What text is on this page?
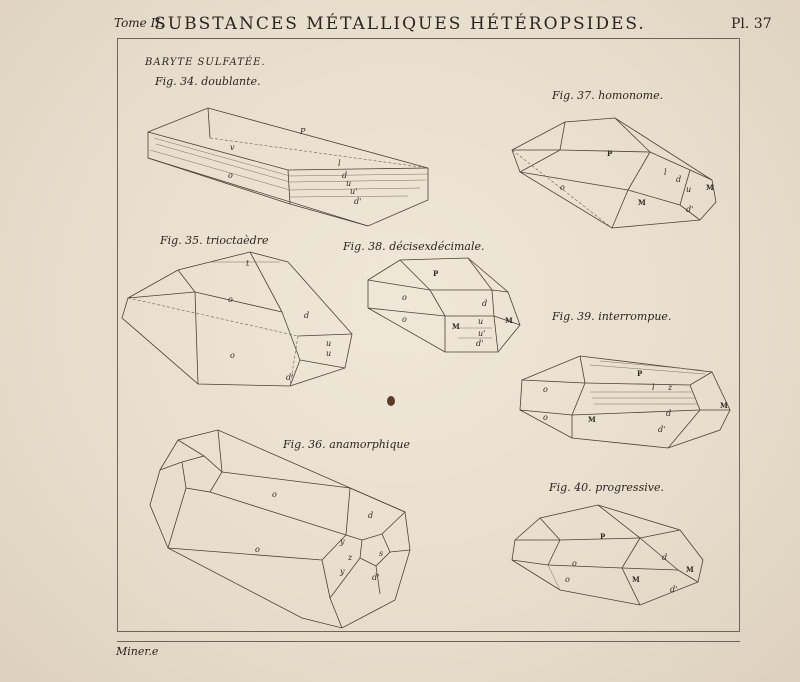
Tome II.
SUBSTANCES MÉTALLIQUES HÉTÉROPSIDES.	Pl. 37
BARYTE SULFATÉE.
Fig. 34. doublante.
Fig. 35. trioctaèdre
Fig. 36. anamorphique
Fig. 37. homonome.
Fig. 38. décisexdécimale.
Fig. 39. interrompue.
Fig. 40. progressive.
P
v
o
l
d
u
u'
d'
t
o
o
d
u
u
d'
o
o
d
y
y
z	s
d'
P
o
M
M
l
d
u
d'
P
o
o
d
M
M
u
u'
d'
P
o
o
l z
M
M
d
d'
P
o
o
d
M
M
d'
Miner.e
